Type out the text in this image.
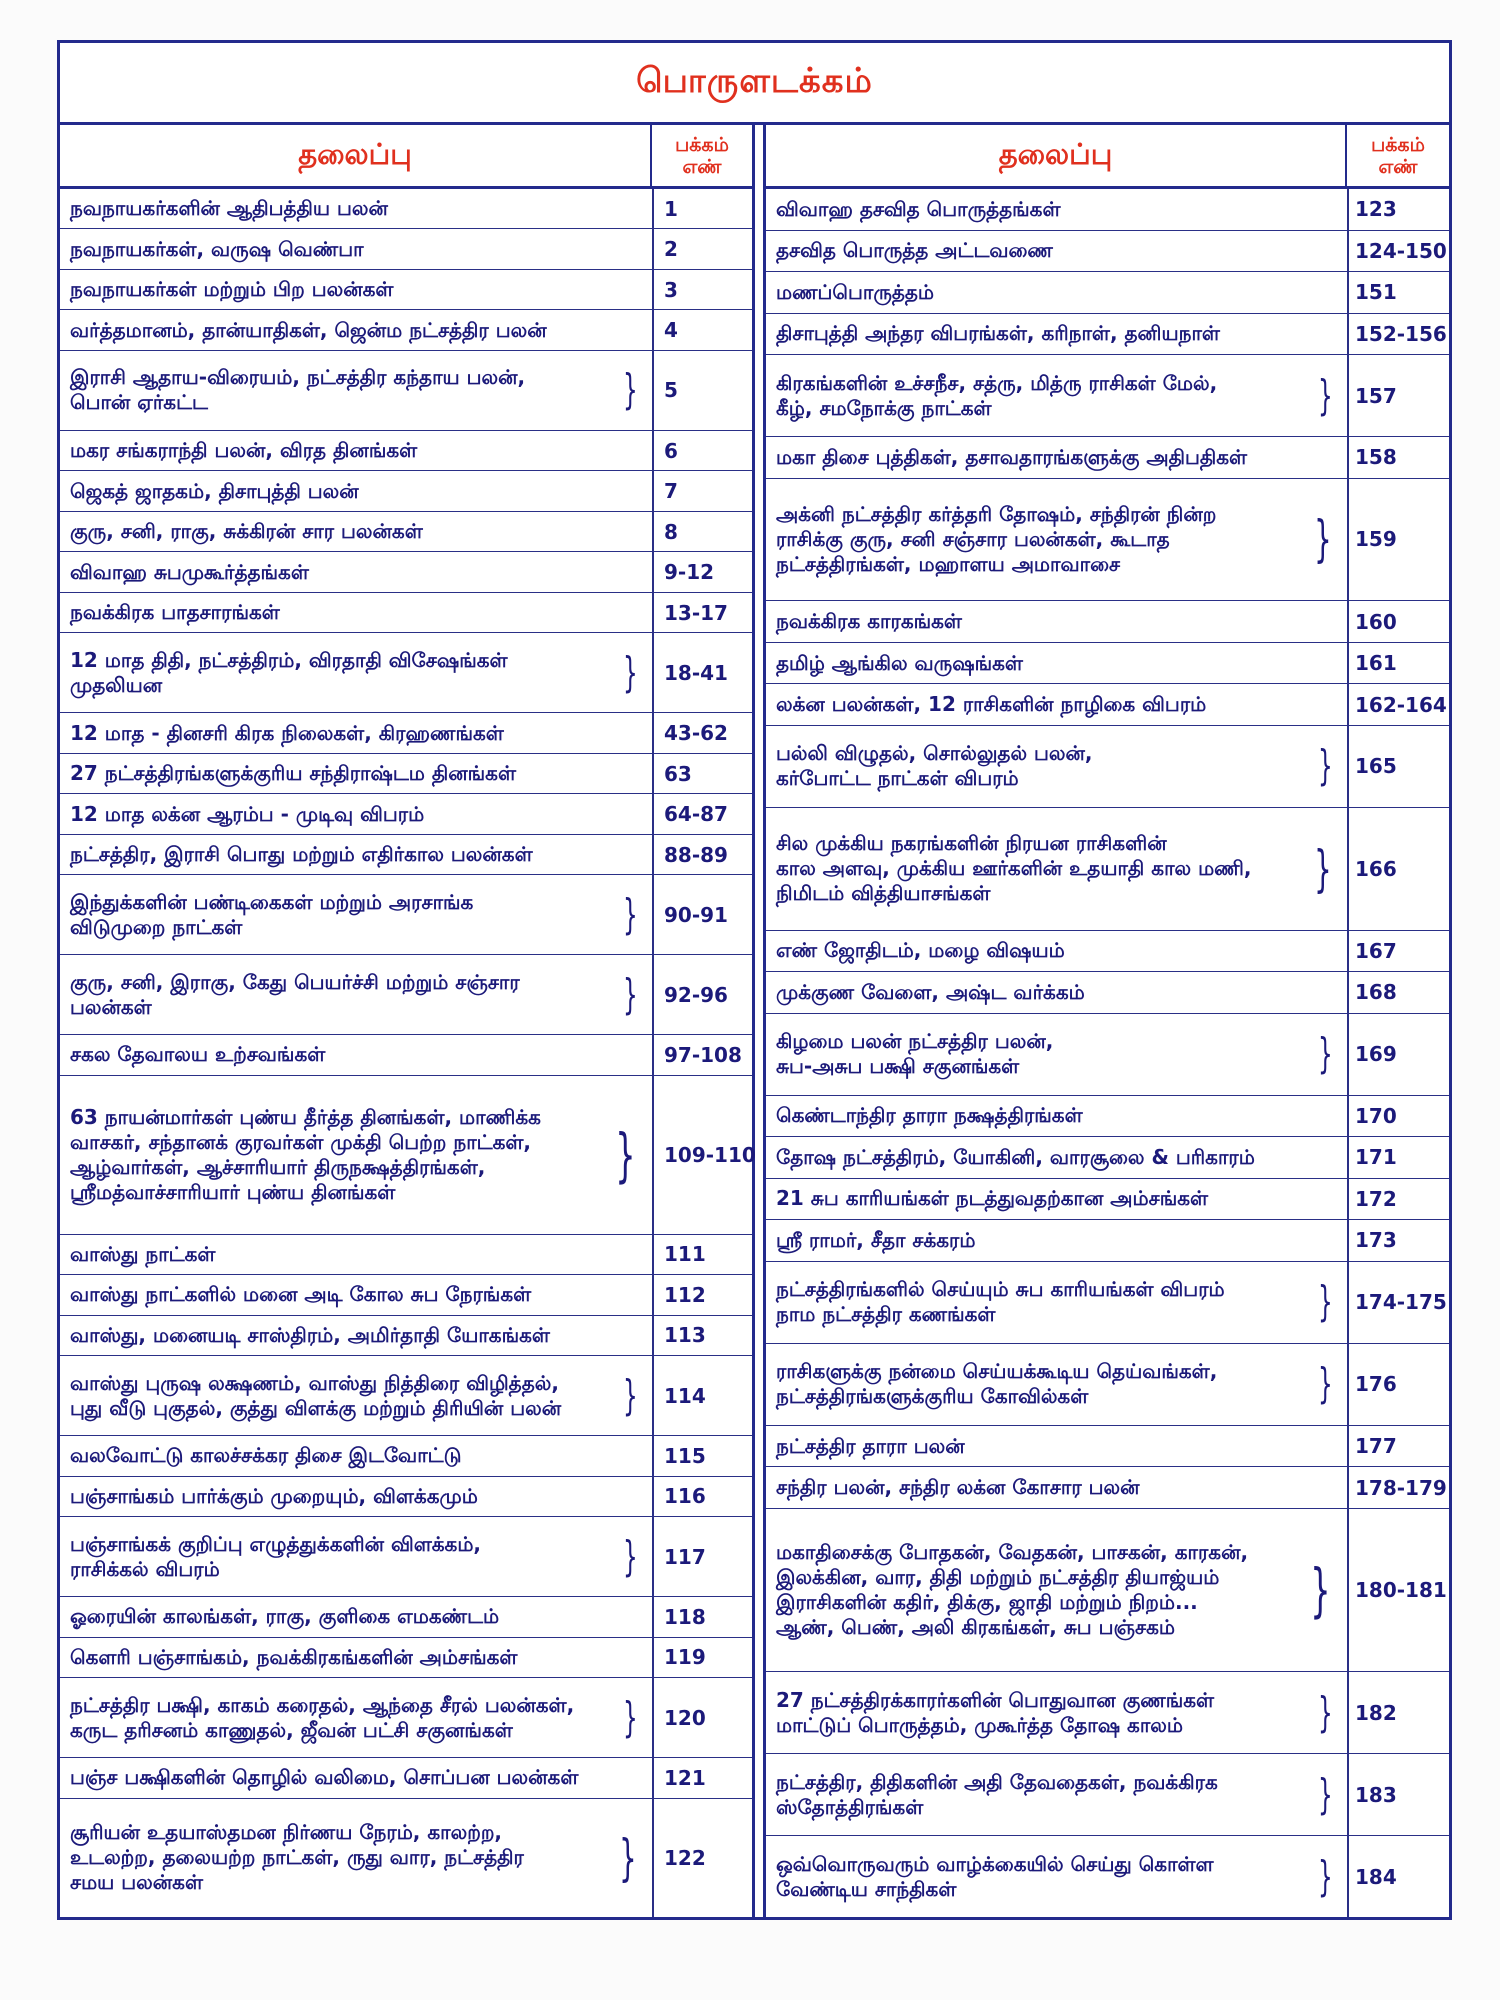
பொருளடக்கம்
தலைப்பு	பக்கம்
எண்
நவநாயகர்களின் ஆதிபத்திய பலன்	1
நவநாயகர்கள், வருஷ வெண்பா	2
நவநாயகர்கள் மற்றும் பிற பலன்கள்	3
வர்த்தமானம், தான்யாதிகள், ஜென்ம நட்சத்திர பலன்	4
இராசி ஆதாய-விரையம், நட்சத்திர கந்தாய பலன்,
பொன் ஏர்கட்ட	}	5
மகர சங்கராந்தி பலன், விரத தினங்கள்	6
ஜெகத் ஜாதகம், திசாபுத்தி பலன்	7
குரு, சனி, ராகு, சுக்கிரன் சார பலன்கள்	8
விவாஹ சுபமுகூர்த்தங்கள்	9-12
நவக்கிரக பாதசாரங்கள்	13-17
12 மாத திதி, நட்சத்திரம், விரதாதி விசேஷங்கள்
முதலியன	}	18-41
12 மாத - தினசரி கிரக நிலைகள், கிரஹணங்கள்	43-62
27 நட்சத்திரங்களுக்குரிய சந்திராஷ்டம தினங்கள்	63
12 மாத லக்ன ஆரம்ப - முடிவு விபரம்	64-87
நட்சத்திர, இராசி பொது மற்றும் எதிர்கால பலன்கள்	88-89
இந்துக்களின் பண்டிகைகள் மற்றும் அரசாங்க
விடுமுறை நாட்கள்	}	90-91
குரு, சனி, இராகு, கேது பெயர்ச்சி மற்றும் சஞ்சார
பலன்கள்	}	92-96
சகல தேவாலய உற்சவங்கள்	97-108
63 நாயன்மார்கள் புண்ய தீர்த்த தினங்கள், மாணிக்க
வாசகர், சந்தானக் குரவர்கள் முக்தி பெற்ற நாட்கள்,
ஆழ்வார்கள், ஆச்சாரியார் திருநக்ஷத்திரங்கள்,
ஸ்ரீமத்வாச்சாரியார் புண்ய தினங்கள்
}	109-110
வாஸ்து நாட்கள்	111
வாஸ்து நாட்களில் மனை அடி கோல சுப நேரங்கள்	112
வாஸ்து, மனையடி சாஸ்திரம், அமிர்தாதி யோகங்கள்	113
வாஸ்து புருஷ லக்ஷணம், வாஸ்து நித்திரை விழித்தல்,
புது வீடு புகுதல், குத்து விளக்கு மற்றும் திரியின் பலன்	}	114
வலவோட்டு காலச்சக்கர திசை இடவோட்டு	115
பஞ்சாங்கம் பார்க்கும் முறையும், விளக்கமும்	116
பஞ்சாங்கக் குறிப்பு எழுத்துக்களின் விளக்கம்,
ராசிக்கல் விபரம்	}	117
ஓரையின் காலங்கள், ராகு, குளிகை எமகண்டம்	118
கௌரி பஞ்சாங்கம், நவக்கிரகங்களின் அம்சங்கள்	119
நட்சத்திர பக்ஷி, காகம் கரைதல், ஆந்தை சீரல் பலன்கள்,
கருட தரிசனம் காணுதல், ஜீவன் பட்சி சகுனங்கள்	}	120
பஞ்ச பக்ஷிகளின் தொழில் வலிமை, சொப்பன பலன்கள்	121
சூரியன் உதயாஸ்தமன நிர்ணய நேரம், காலற்ற,
உடலற்ற, தலையற்ற நாட்கள், ருது வார, நட்சத்திர
சமய பலன்கள்	}	122
தலைப்பு	பக்கம்
எண்
விவாஹ தசவித பொருத்தங்கள்	123
தசவித பொருத்த அட்டவணை	124-150
மணப்பொருத்தம்	151
திசாபுத்தி அந்தர விபரங்கள், கரிநாள், தனியநாள்	152-156
கிரகங்களின் உச்சநீச, சத்ரு, மித்ரு ராசிகள் மேல்,
கீழ், சமநோக்கு நாட்கள்	}	157
மகா திசை புத்திகள், தசாவதாரங்களுக்கு அதிபதிகள்	158
அக்னி நட்சத்திர கர்த்தரி தோஷம், சந்திரன் நின்ற
ராசிக்கு குரு, சனி சஞ்சார பலன்கள், கூடாத
நட்சத்திரங்கள், மஹாளய அமாவாசை	}	159
நவக்கிரக காரகங்கள்	160
தமிழ் ஆங்கில வருஷங்கள்	161
லக்ன பலன்கள், 12 ராசிகளின் நாழிகை விபரம்	162-164
பல்லி விழுதல், சொல்லுதல் பலன்,
கர்போட்ட நாட்கள் விபரம்	}	165
சில முக்கிய நகரங்களின் நிரயன ராசிகளின்
கால அளவு, முக்கிய ஊர்களின் உதயாதி கால மணி,
நிமிடம் வித்தியாசங்கள்	}	166
எண் ஜோதிடம், மழை விஷயம்	167
முக்குண வேளை, அஷ்ட வர்க்கம்	168
கிழமை பலன் நட்சத்திர பலன்,
சுப-அசுப பக்ஷி சகுனங்கள்	}	169
கெண்டாந்திர தாரா நக்ஷத்திரங்கள்	170
தோஷ நட்சத்திரம், யோகினி, வாரசூலை & பரிகாரம்	171
21 சுப காரியங்கள் நடத்துவதற்கான அம்சங்கள்	172
ஸ்ரீ ராமர், சீதா சக்கரம்	173
நட்சத்திரங்களில் செய்யும் சுப காரியங்கள் விபரம்
நாம நட்சத்திர கணங்கள்	}	174-175
ராசிகளுக்கு நன்மை செய்யக்கூடிய தெய்வங்கள்,
நட்சத்திரங்களுக்குரிய கோவில்கள்	}	176
நட்சத்திர தாரா பலன்	177
சந்திர பலன், சந்திர லக்ன கோசார பலன்	178-179
மகாதிசைக்கு போதகன், வேதகன், பாசகன், காரகன்,
இலக்கின, வார, திதி மற்றும் நட்சத்திர தியாஜ்யம்
இராசிகளின் கதிர், திக்கு, ஜாதி மற்றும் நிறம்...
ஆண், பெண், அலி கிரகங்கள், சுப பஞ்சகம்
}	180-181
27 நட்சத்திரக்காரர்களின் பொதுவான குணங்கள்
மாட்டுப் பொருத்தம், முகூர்த்த தோஷ காலம்	}	182
நட்சத்திர, திதிகளின் அதி தேவதைகள், நவக்கிரக
ஸ்தோத்திரங்கள்	}	183
ஒவ்வொருவரும் வாழ்க்கையில் செய்து கொள்ள
வேண்டிய சாந்திகள்	}	184
